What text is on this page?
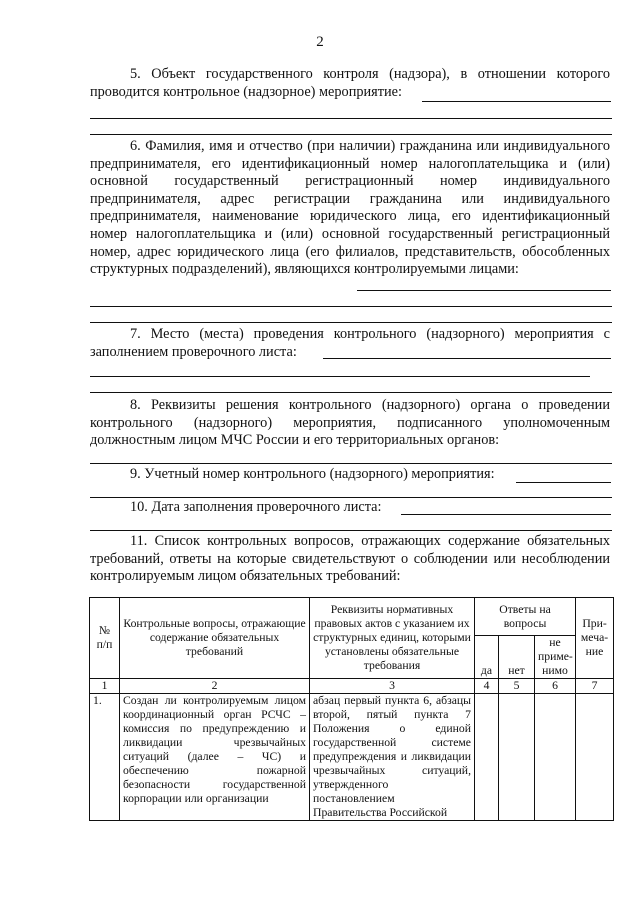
2
5. Объект государственного контроля (надзора), в отношении которого проводится контрольное (надзорное) мероприятие:
6. Фамилия, имя и отчество (при наличии) гражданина или индивидуального предпринимателя, его идентификационный номер налогоплательщика и (или) основной государственный регистрационный номер индивидуального предпринимателя, адрес регистрации гражданина или индивидуального предпринимателя, наименование юридического лица, его идентификационный номер налогоплательщика и (или) основной государственный регистрационный номер, адрес юридического лица (его филиалов, представительств, обособленных структурных подразделений), являющихся контролируемыми лицами:
7. Место (места) проведения контрольного (надзорного) мероприятия с заполнением проверочного листа:
8. Реквизиты решения контрольного (надзорного) органа о проведении контрольного (надзорного) мероприятия, подписанного уполномоченным должностным лицом МЧС России и его территориальных органов:
9. Учетный номер контрольного (надзорного) мероприятия:
10. Дата заполнения проверочного листа:
11. Список контрольных вопросов, отражающих содержание обязательных требований, ответы на которые свидетельствуют о соблюдении или несоблюдении контролируемым лицом обязательных требований:
№ п/п	Контрольные вопросы, отражающие содержание обязательных требований	Реквизиты нормативных правовых актов с указанием их структурных единиц, которыми установлены обязательные требования	Ответы на вопросы			При-меча-ние
			да	нет	не приме-нимо	
1	2	3	4	5	6	7
1.	Создан ли контролируемым лицом координационный орган РСЧС – комиссия по предупреждению и ликвидации чрезвычайных ситуаций (далее – ЧС) и обеспечению пожарной безопасности государственной корпорации или организации	абзац первый пункта 6, абзацы второй, пятый пункта 7 Положения о единой государственной системе предупреждения и ликвидации чрезвычайных ситуаций, утвержденного постановлением Правительства Российской				
